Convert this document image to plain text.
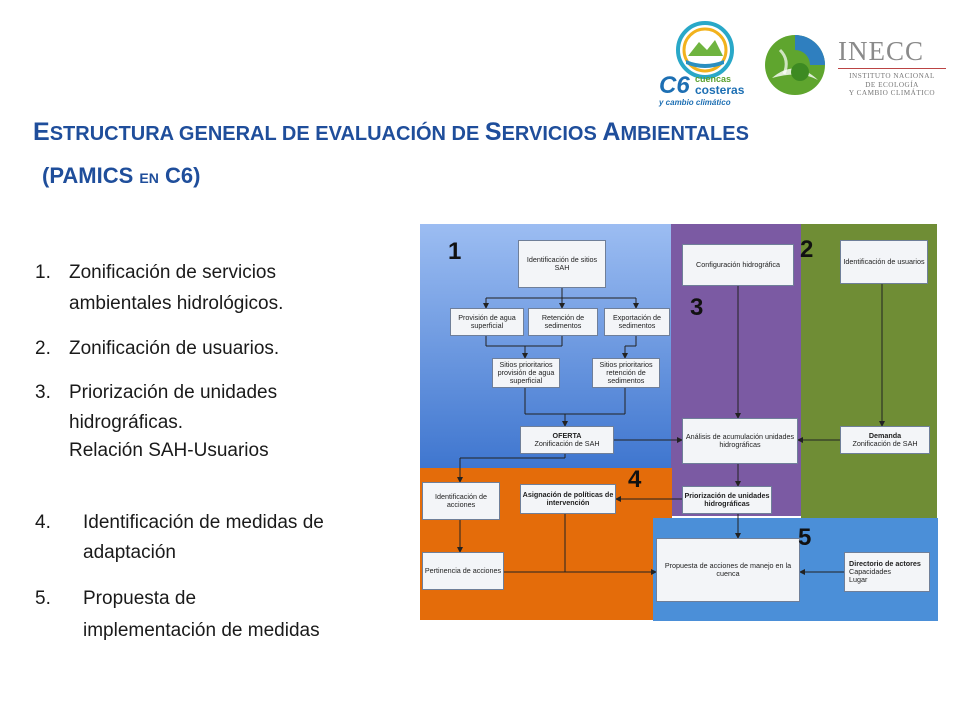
C6 cuencas
costeras
y cambio climático
INECC
INSTITUTO NACIONAL
DE ECOLOGÍA
Y CAMBIO CLIMÁTICO
ESTRUCTURA GENERAL DE EVALUACIÓN DE SERVICIOS AMBIENTALES
(PAMICS EN C6)
1. Zonificación de servicios
ambientales hidrológicos.
2. Zonificación de usuarios.
3. Priorización de unidades
hidrográficas.
Relación SAH-Usuarios
4. Identificación de medidas de
adaptación
5. Propuesta de
implementación de medidas
Identificación de sitios SAH	Configuración hidrográfica	Identificación de usuarios
Provisión de agua superficial
Retención de sedimentos
Exportación de sedimentos
Sitios prioritarios provisión de agua superficial
Sitios prioritarios retención de sedimentos
OFERTA
Zonificación de SAH
Análisis de acumulación unidades hidrográficas
Demanda
Zonificación de SAH
Identificación de acciones
Asignación de políticas de intervención
Priorización de unidades hidrográficas
Pertinencia de acciones
Propuesta de acciones de manejo en la cuenca
Directorio de actores
Capacidades
Lugar
1	2
3
4
5
